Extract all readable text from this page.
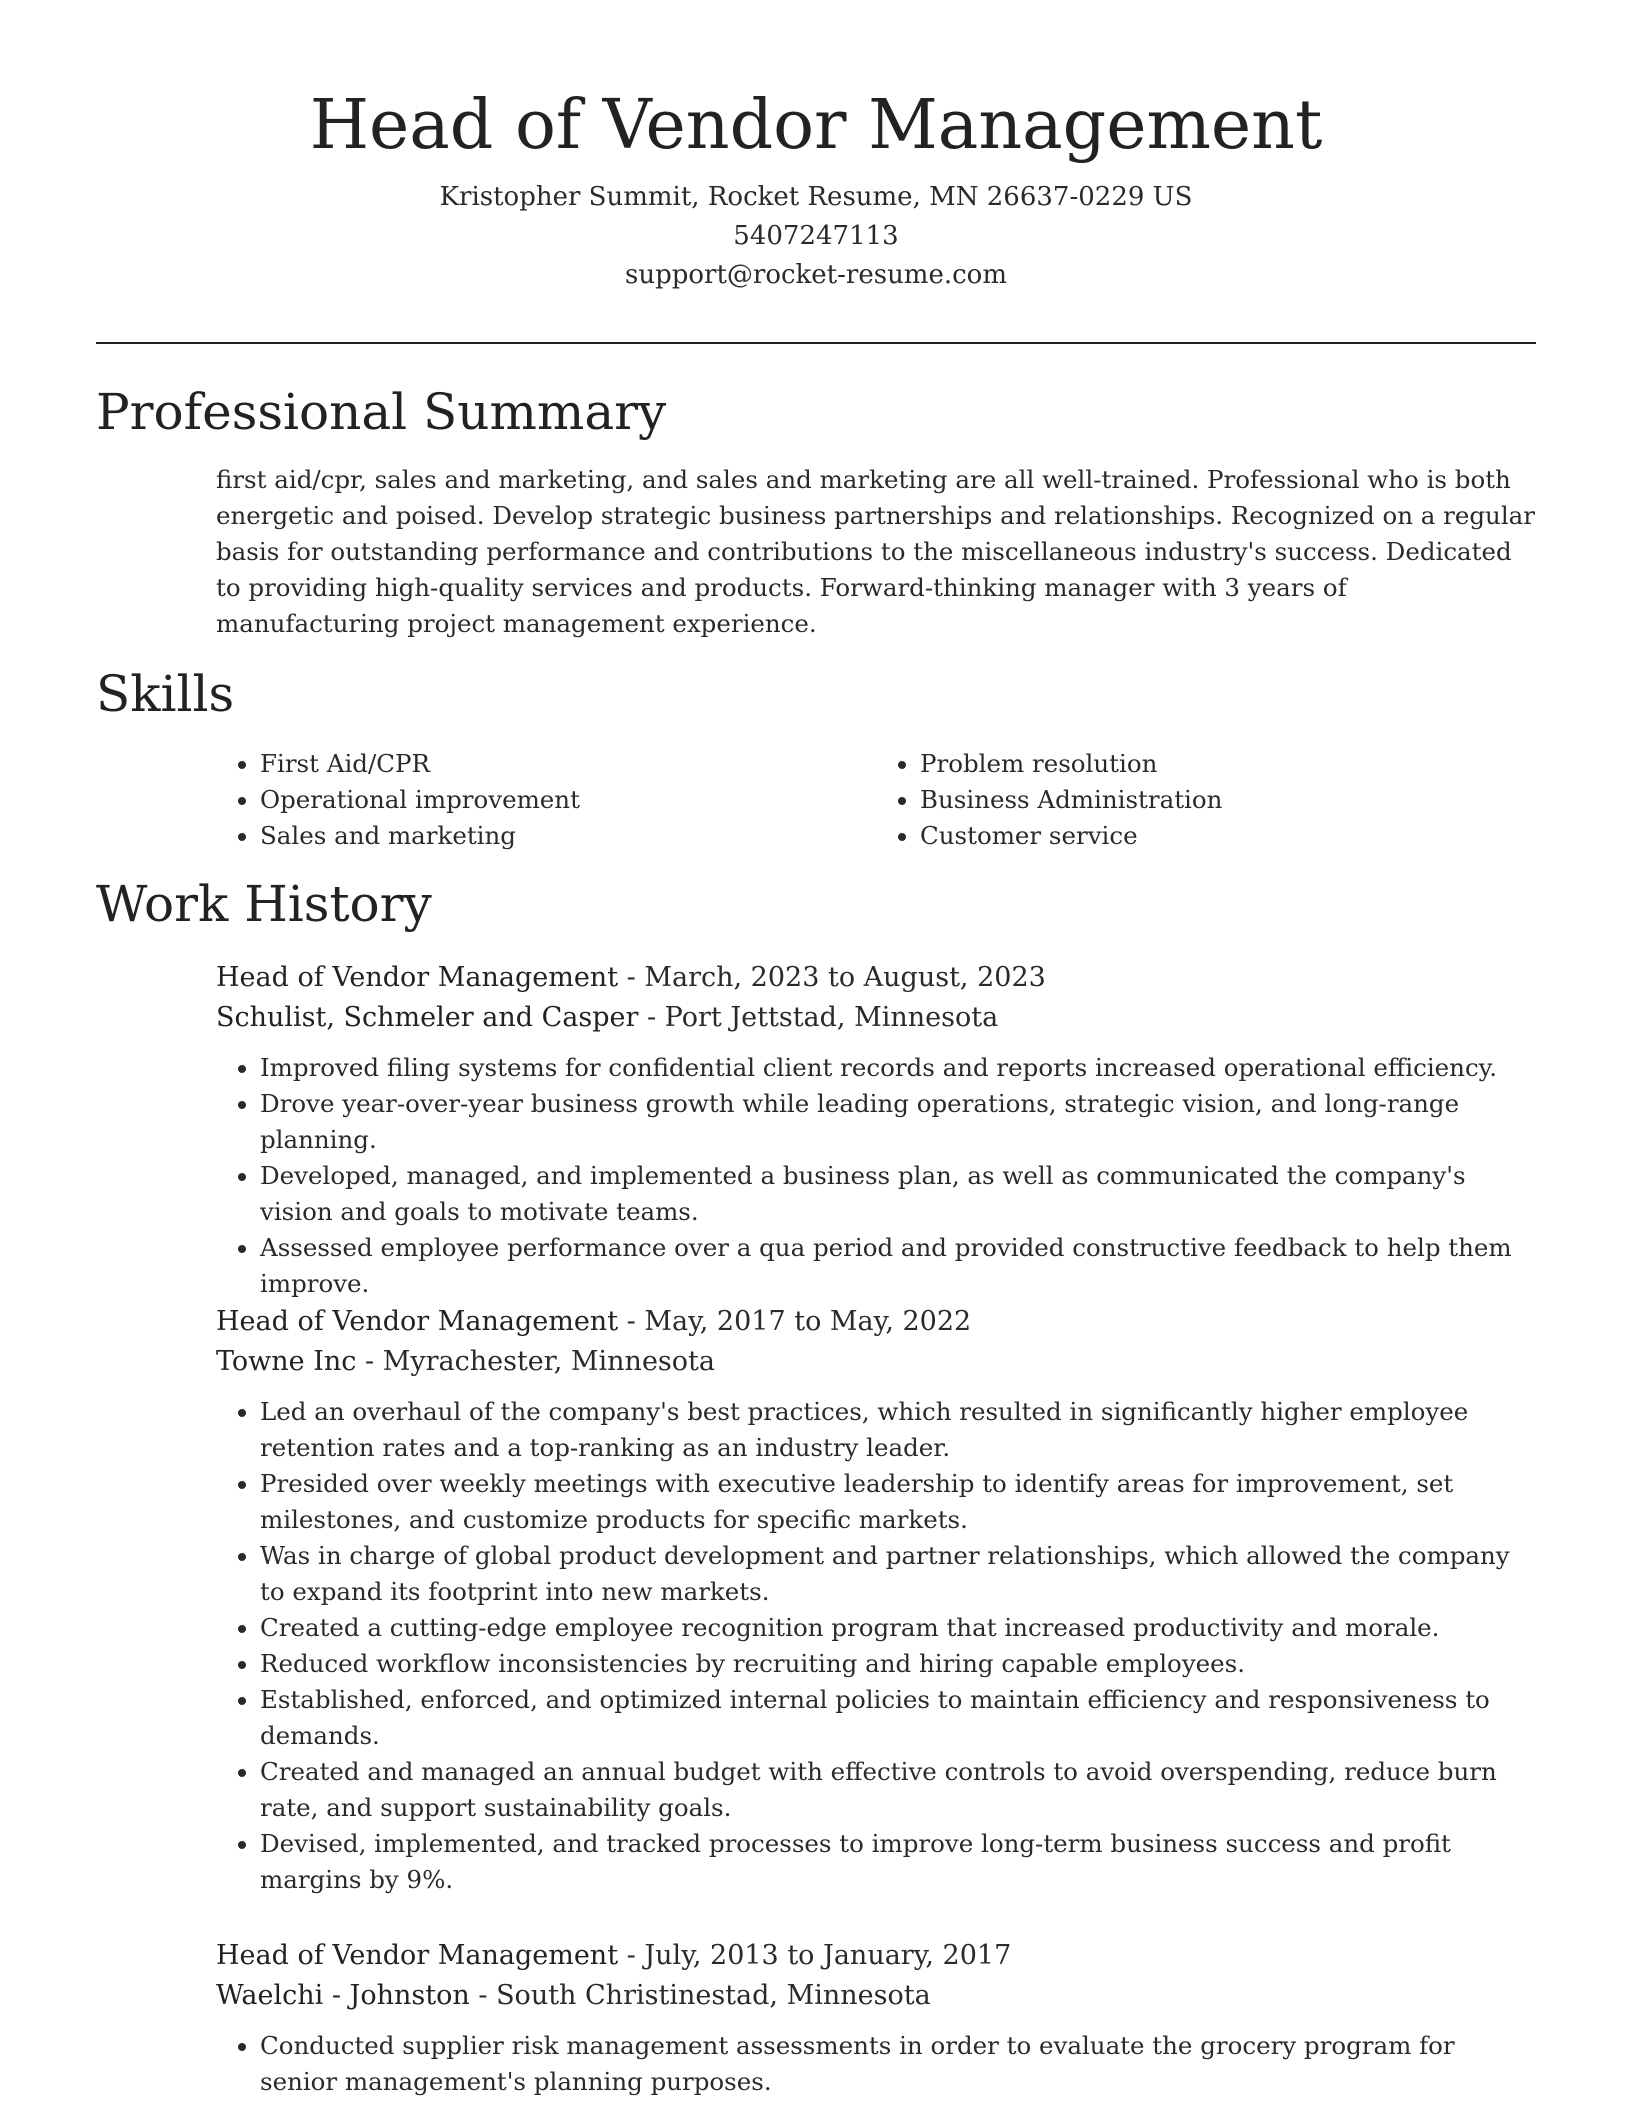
Head of Vendor Management

Kristopher Summit, Rocket Resume, MN 26637-0229 US

5407247113

support@rocket-resume.com

Professional Summary

first aid/cpr, sales and marketing, and sales and marketing are all well-trained. Professional who is both energetic and poised. Develop strategic business partnerships and relationships. Recognized on a regular basis for outstanding performance and contributions to the miscellaneous industry's success. Dedicated to providing high-quality services and products. Forward-thinking manager with 3 years of manufacturing project management experience.

Skills
• First Aid/CPR
• Operational improvement
• Sales and marketing
• Problem resolution
• Business Administration
• Customer service
Work History

Head of Vendor Management - March, 2023 to August, 2023

Schulist, Schmeler and Casper - Port Jettstad, Minnesota

• Improved filing systems for confidential client records and reports increased operational efficiency.
• Drove year-over-year business growth while leading operations, strategic vision, and long-range planning.
• Developed, managed, and implemented a business plan, as well as communicated the company's vision and goals to motivate teams.
• Assessed employee performance over a qua period and provided constructive feedback to help them improve.

Head of Vendor Management - May, 2017 to May, 2022

Towne Inc - Myrachester, Minnesota

• Led an overhaul of the company's best practices, which resulted in significantly higher employee retention rates and a top-ranking as an industry leader.
• Presided over weekly meetings with executive leadership to identify areas for improvement, set milestones, and customize products for specific markets.
• Was in charge of global product development and partner relationships, which allowed the company to expand its footprint into new markets.
• Created a cutting-edge employee recognition program that increased productivity and morale.
• Reduced workflow inconsistencies by recruiting and hiring capable employees.
• Established, enforced, and optimized internal policies to maintain efficiency and responsiveness to demands.
• Created and managed an annual budget with effective controls to avoid overspending, reduce burn rate, and support sustainability goals.
• Devised, implemented, and tracked processes to improve long-term business success and profit margins by 9%.

Head of Vendor Management - July, 2013 to January, 2017

Waelchi - Johnston - South Christinestad, Minnesota

• Conducted supplier risk management assessments in order to evaluate the grocery program for senior management's planning purposes.
